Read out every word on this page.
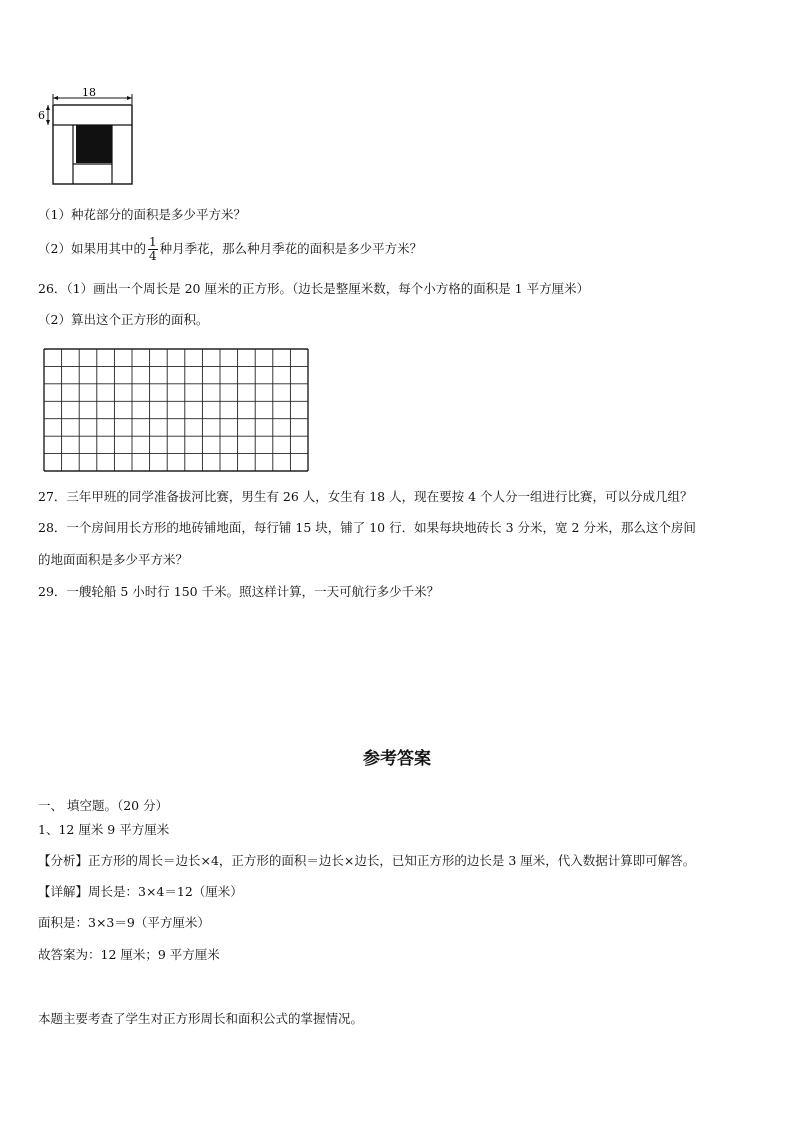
18
6
（1）种花部分的面积是多少平方米？
（2）如果用其中的 $\frac{1}{4}$ 种月季花，那么种月季花的面积是多少平方米？
26．（1）画出一个周长是 20 厘米的正方形。（边长是整厘米数，每个小方格的面积是 1 平方厘米）
（2）算出这个正方形的面积。
27．三年甲班的同学准备拔河比赛，男生有 26 人，女生有 18 人，现在要按 4 个人分一组进行比赛，可以分成几组？
28．一个房间用长方形的地砖铺地面，每行铺 15 块，铺了 10 行．如果每块地砖长 3 分米，宽 2 分米，那么这个房间
的地面面积是多少平方米？
29．一艘轮船 5 小时行 150 千米。照这样计算，一天可航行多少千米？
参考答案
一、 填空题。（20 分）
1、12 厘米 9 平方厘米
【分析】正方形的周长＝边长×4，正方形的面积＝边长×边长，已知正方形的边长是 3 厘米，代入数据计算即可解答。
【详解】周长是：3×4＝12（厘米）
面积是：3×3＝9（平方厘米）
故答案为：12 厘米；9 平方厘米
本题主要考查了学生对正方形周长和面积公式的掌握情况。
